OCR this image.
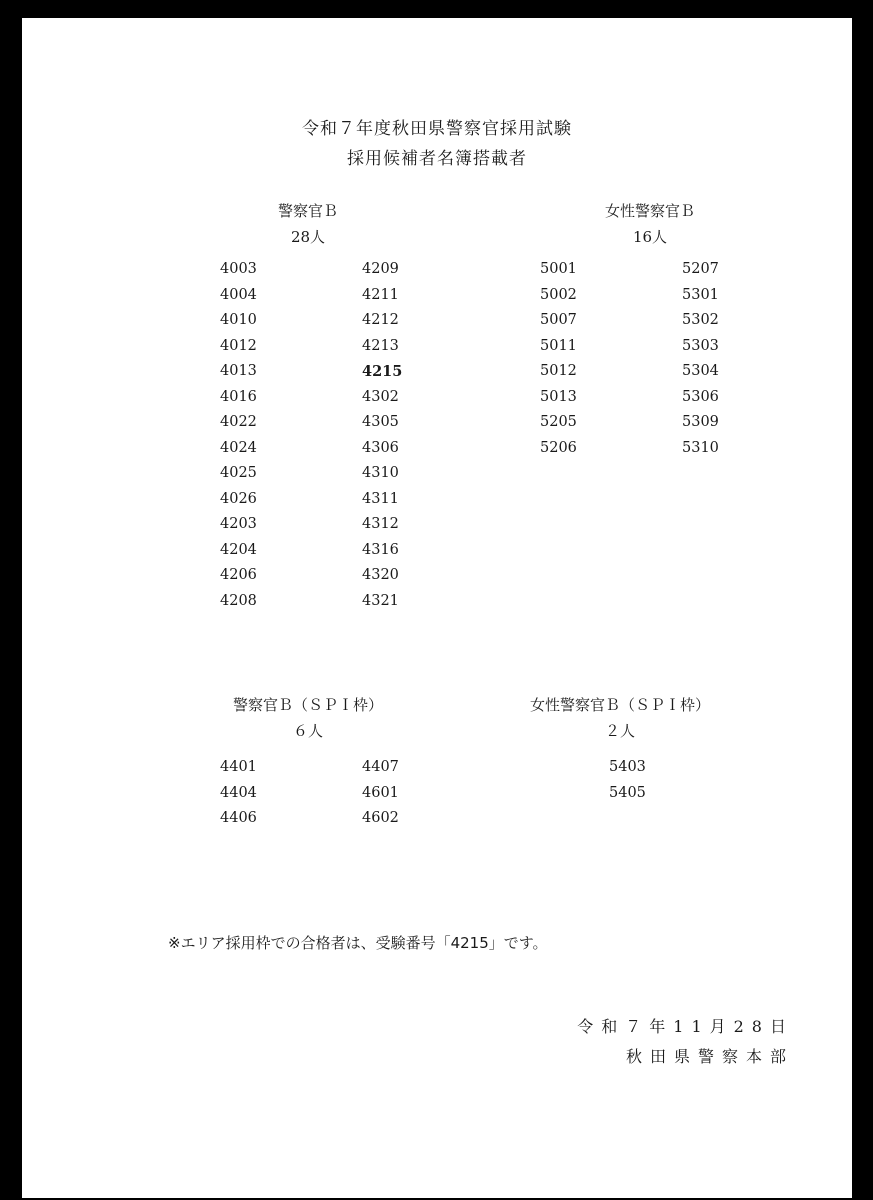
令和７年度秋田県警察官採用試験
採用候補者名簿搭載者
警察官Ｂ
28人
4003
4004
4010
4012
4013
4016
4022
4024
4025
4026
4203
4204
4206
4208
4209
4211
4212
4213
4215
4302
4305
4306
4310
4311
4312
4316
4320
4321
女性警察官Ｂ
16人
5001
5002
5007
5011
5012
5013
5205
5206
5207
5301
5302
5303
5304
5306
5309
5310
警察官Ｂ（ＳＰＩ枠）
６人
4401
4404
4406
4407
4601
4602
女性警察官Ｂ（ＳＰＩ枠）
２人
5403
5405
※エリア採用枠での合格者は、受験番号「4215」です。
令和７年11月28日
秋田県警察本部
